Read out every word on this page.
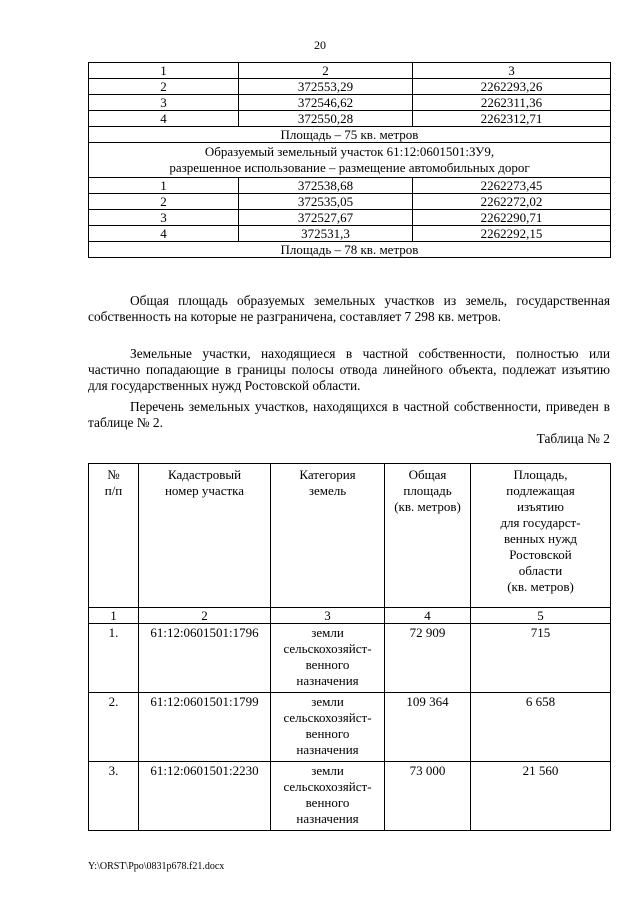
20
1	2	3
2	372553,29	2262293,26
3	372546,62	2262311,36
4	372550,28	2262312,71
Площадь – 75 кв. метров		

Образуемый земельный участок 61:12:0601501:ЗУ9,
разрешенное использование – размещение автомобильных дорог		

1	372538,68	2262273,45
2	372535,05	2262272,02
3	372527,67	2262290,71
4	372531,3	2262292,15
Площадь – 78 кв. метров		

Общая площадь образуемых земельных участков из земель, государственная собственность на которые не разграничена, составляет 7 298 кв. метров.

Земельные участки, находящиеся в частной собственности, полностью или частично попадающие в границы полосы отвода линейного объекта, подлежат изъятию для государственных нужд Ростовской области.

Перечень земельных участков, находящихся в частной собственности, приведен в таблице № 2.

Таблица № 2
№
п/п

Кадастровый
номер участка

Категория
земель

Общая
площадь
(кв. метров)

Площадь,
подлежащая
изъятию
для государст-
венных нужд
Ростовской
области
(кв. метров)
1	2	3	4	5
1.	61:12:0601501:1796	земли
сельскохозяйст-
венного
назначения	72 909	715
2.	61:12:0601501:1799	земли
сельскохозяйст-
венного
назначения	109 364	6 658
3.	61:12:0601501:2230	земли
сельскохозяйст-
венного
назначения	73 000	21 560
Y:\ORST\Ppo\0831p678.f21.docx
